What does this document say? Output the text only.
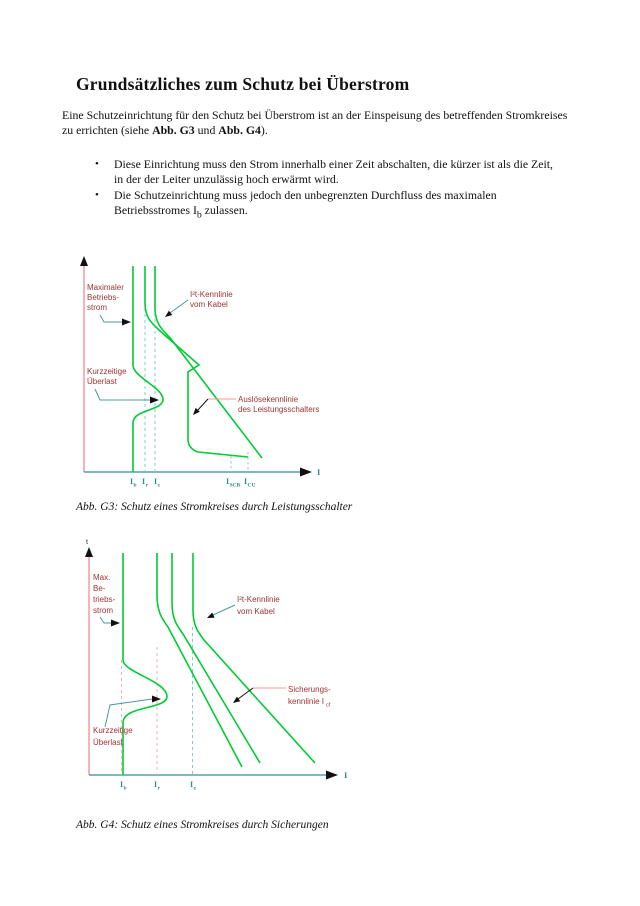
Grundsätzliches zum Schutz bei Überstrom
Eine Schutzeinrichtung für den Schutz bei Überstrom ist an der Einspeisung des betreffenden Stromkreises zu errichten (siehe Abb. G3 und Abb. G4).
•	Diese Einrichtung muss den Strom innerhalb einer Zeit abschalten, die kürzer ist als die Zeit, in der der Leiter unzulässig hoch erwärmt wird.
•	Die Schutzeinrichtung muss jedoch den unbegrenzten Durchfluss des maximalen Betriebsstromes $I_b$ zulassen.
I
Maximaler
Betriebs-
strom
I²t-Kennlinie
vom Kabel
Kurzzeitige
Überlast
Auslösekennlinie
des Leistungsschalters
I b I r I z	I SCB I CU
Abb. G3: Schutz eines Stromkreises durch Leistungsschalter
t
I
Max.
Be-
triebs-
strom
I²t-Kennlinie
vom Kabel
Sicherungs-
kennlinie I cf
Kurzzeitige
Überlast
I b	I r	I z
Abb. G4: Schutz eines Stromkreises durch Sicherungen
